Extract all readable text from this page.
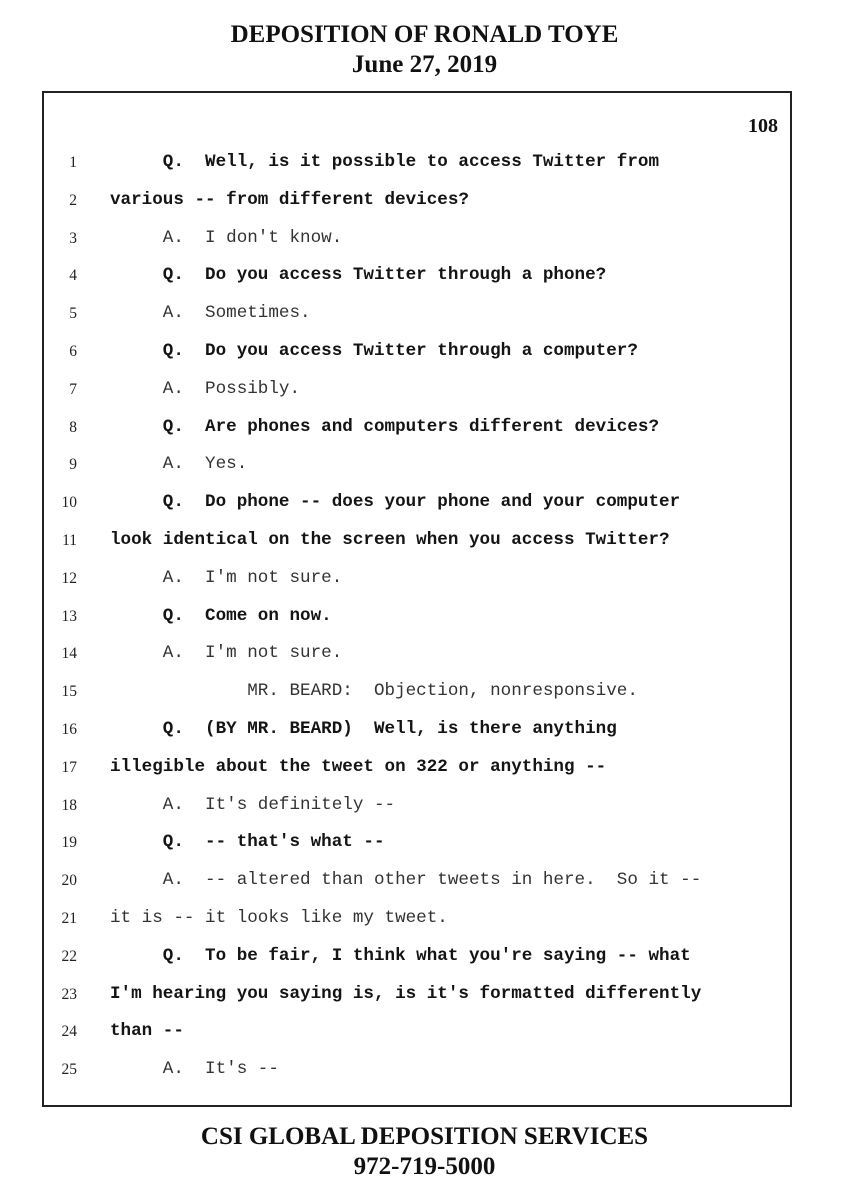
DEPOSITION OF RONALD TOYE
June 27, 2019
108
1 Q.  Well, is it possible to access Twitter from
2 various -- from different devices?
3 A.  I don't know.
4 Q.  Do you access Twitter through a phone?
5 A.  Sometimes.
6 Q.  Do you access Twitter through a computer?
7 A.  Possibly.
8 Q.  Are phones and computers different devices?
9 A.  Yes.
10 Q.  Do phone -- does your phone and your computer
11 look identical on the screen when you access Twitter?
12 A.  I'm not sure.
13 Q.  Come on now.
14 A.  I'm not sure.
15 MR. BEARD:  Objection, nonresponsive.
16 Q.  (BY MR. BEARD)  Well, is there anything
17 illegible about the tweet on 322 or anything --
18 A.  It's definitely --
19 Q.  -- that's what --
20 A.  -- altered than other tweets in here.  So it --
21 it is -- it looks like my tweet.
22 Q.  To be fair, I think what you're saying -- what
23 I'm hearing you saying is, is it's formatted differently
24 than --
25 A.  It's --
CSI GLOBAL DEPOSITION SERVICES
972-719-5000
